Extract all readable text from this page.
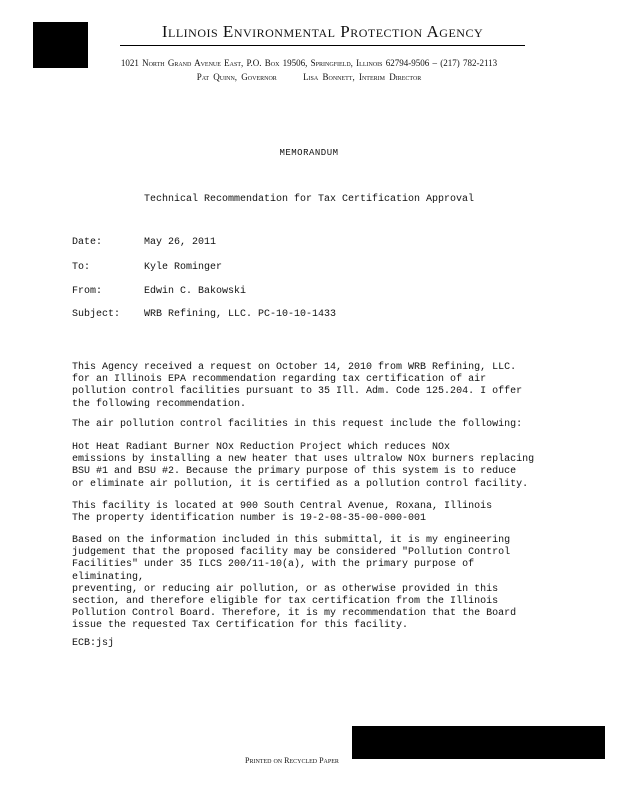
Illinois Environmental Protection Agency
1021 North Grand Avenue East, P.O. Box 19506, Springfield, Illinois 62794-9506 – (217) 782-2113
Pat Quinn, Governor	Lisa Bonnett, Interim Director
MEMORANDUM
Technical Recommendation for Tax Certification Approval
Date:	May 26, 2011
To:	Kyle Rominger
From:	Edwin C. Bakowski
Subject: WRB Refining, LLC. PC-10-10-1433
This Agency received a request on October 14, 2010 from WRB Refining, LLC.
for an Illinois EPA recommendation regarding tax certification of air
pollution control facilities pursuant to 35 Ill. Adm. Code 125.204. I offer
the following recommendation.
The air pollution control facilities in this request include the following:
Hot Heat Radiant Burner NOx Reduction Project which reduces NOx
emissions by installing a new heater that uses ultralow NOx burners replacing
BSU #1 and BSU #2. Because the primary purpose of this system is to reduce
or eliminate air pollution, it is certified as a pollution control facility.
This facility is located at 900 South Central Avenue, Roxana, Illinois
The property identification number is 19-2-08-35-00-000-001
Based on the information included in this submittal, it is my engineering
judgement that the proposed facility may be considered "Pollution Control
Facilities" under 35 ILCS 200/11-10(a), with the primary purpose of eliminating,
preventing, or reducing air pollution, or as otherwise provided in this
section, and therefore eligible for tax certification from the Illinois
Pollution Control Board. Therefore, it is my recommendation that the Board
issue the requested Tax Certification for this facility.
ECB:jsj
Printed on Recycled Paper
